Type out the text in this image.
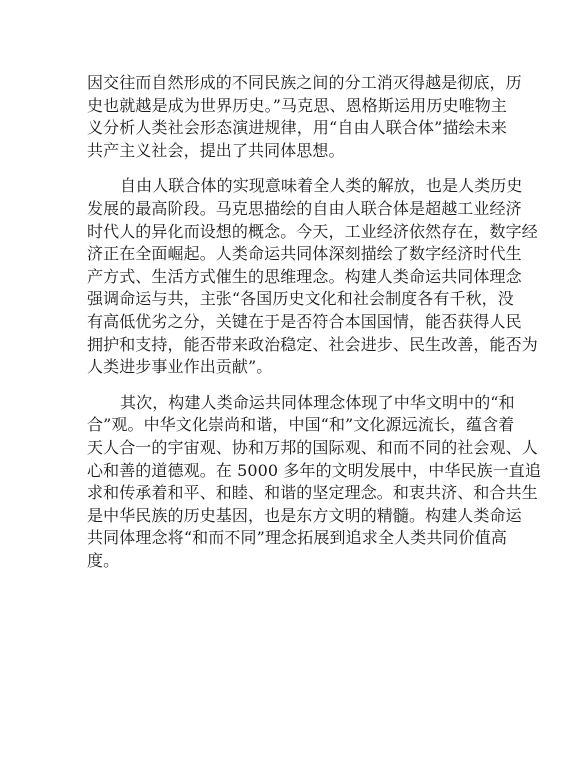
因交往而自然形成的不同民族之间的分工消灭得越是彻底，历
史也就越是成为世界历史。”马克思、恩格斯运用历史唯物主
义分析人类社会形态演进规律，用“自由人联合体”描绘未来
共产主义社会，提出了共同体思想。
自由人联合体的实现意味着全人类的解放，也是人类历史
发展的最高阶段。马克思描绘的自由人联合体是超越工业经济
时代人的异化而设想的概念。今天，工业经济依然存在，数字经
济正在全面崛起。人类命运共同体深刻描绘了数字经济时代生
产方式、生活方式催生的思维理念。构建人类命运共同体理念
强调命运与共，主张“各国历史文化和社会制度各有千秋，没
有高低优劣之分，关键在于是否符合本国国情，能否获得人民
拥护和支持，能否带来政治稳定、社会进步、民生改善，能否为
人类进步事业作出贡献”。
其次，构建人类命运共同体理念体现了中华文明中的“和
合”观。中华文化崇尚和谐，中国“和”文化源远流长，蕴含着
天人合一的宇宙观、协和万邦的国际观、和而不同的社会观、人
心和善的道德观。在 5000 多年的文明发展中，中华民族一直追
求和传承着和平、和睦、和谐的坚定理念。和衷共济、和合共生
是中华民族的历史基因，也是东方文明的精髓。构建人类命运
共同体理念将“和而不同”理念拓展到追求全人类共同价值高
度。
